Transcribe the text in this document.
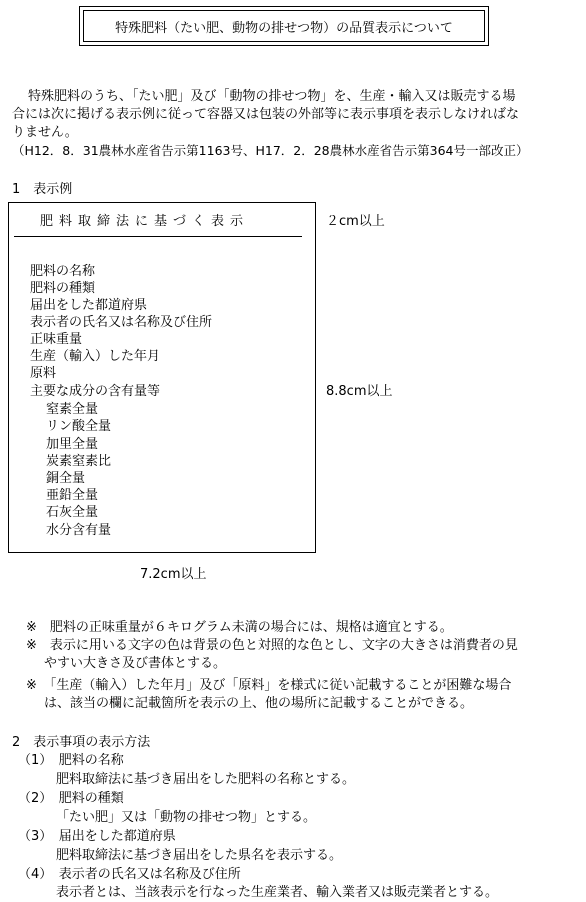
特殊肥料（たい肥、動物の排せつ物）の品質表示について
特殊肥料のうち、「たい肥」及び「動物の排せつ物」を、生産・輸入又は販売する場
合には次に掲げる表示例に従って容器又は包装の外部等に表示事項を表示しなければな
りません。
（H12．8．31農林水産省告示第1163号、H17．2．28農林水産省告示第364号一部改正）
1　表示例
肥料取締法に基づく表示	２cm以上
8.8cm以上
7.2cm以上
肥料の名称
肥料の種類
届出をした都道府県
表示者の氏名又は名称及び住所
正味重量
生産（輸入）した年月
原料
主要な成分の含有量等
窒素全量
リン酸全量
加里全量
炭素窒素比
銅全量
亜鉛全量
石灰全量
水分含有量
※　肥料の正味重量が６キログラム未満の場合には、規格は適宜とする。
※　表示に用いる文字の色は背景の色と対照的な色とし、文字の大きさは消費者の見
やすい大きさ及び書体とする。
※　「生産（輸入）した年月」及び「原料」を様式に従い記載することが困難な場合
は、該当の欄に記載箇所を表示の上、他の場所に記載することができる。
2　表示事項の表示方法
（1）　肥料の名称
肥料取締法に基づき届出をした肥料の名称とする。
（2）　肥料の種類
「たい肥」又は「動物の排せつ物」とする。
（3）　届出をした都道府県
肥料取締法に基づき届出をした県名を表示する。
（4）　表示者の氏名又は名称及び住所
表示者とは、当該表示を行なった生産業者、輸入業者又は販売業者とする。
